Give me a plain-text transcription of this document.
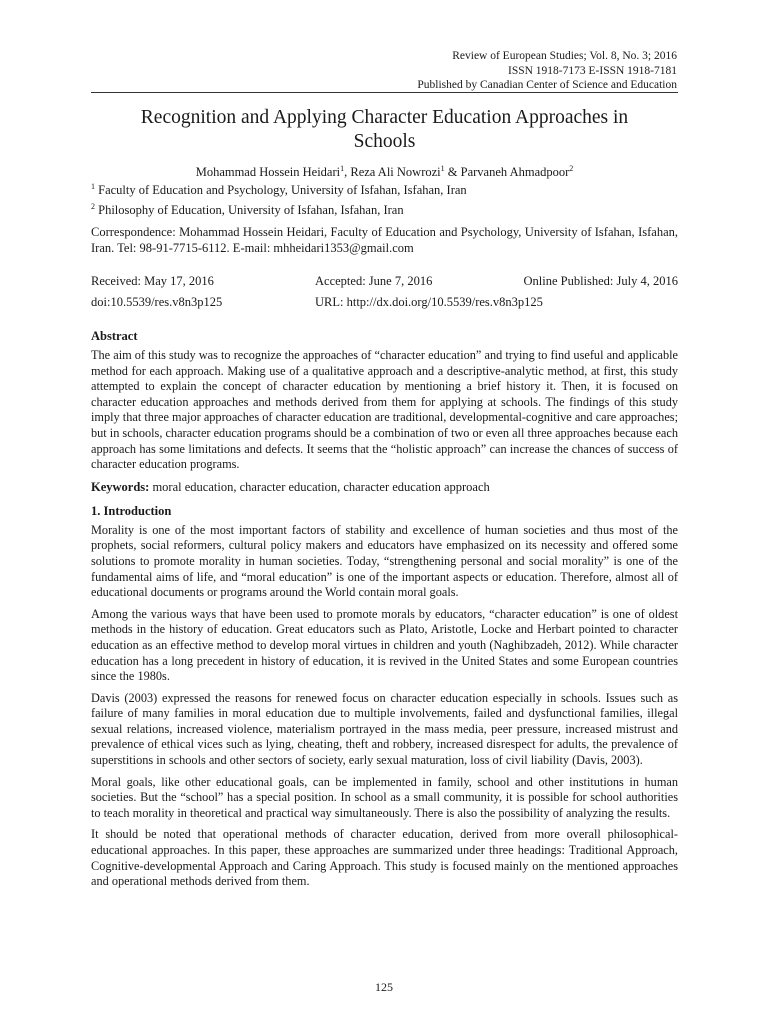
Review of European Studies; Vol. 8, No. 3; 2016
ISSN 1918-7173 E-ISSN 1918-7181
Published by Canadian Center of Science and Education
Recognition and Applying Character Education Approaches in Schools
Mohammad Hossein Heidari$^1$, Reza Ali Nowrozi$^1$ & Parvaneh Ahmadpoor$^2$

$^1$ Faculty of Education and Psychology, University of Isfahan, Isfahan, Iran

$^2$ Philosophy of Education, University of Isfahan, Isfahan, Iran

Correspondence: Mohammad Hossein Heidari, Faculty of Education and Psychology, University of Isfahan, Isfahan, Iran. Tel: 98-91-7715-6112. E-mail: mhheidari1353@gmail.com
Received: May 17, 2016	Accepted: June 7, 2016	Online Published: July 4, 2016
doi:10.5539/res.v8n3p125	URL: http://dx.doi.org/10.5539/res.v8n3p125
Abstract

The aim of this study was to recognize the approaches of “character education” and trying to find useful and applicable method for each approach. Making use of a qualitative approach and a descriptive-analytic method, at first, this study attempted to explain the concept of character education by mentioning a brief history it. Then, it is focused on character education approaches and methods derived from them for applying at schools. The findings of this study imply that three major approaches of character education are traditional, developmental-cognitive and care approaches; but in schools, character education programs should be a combination of two or even all three approaches because each approach has some limitations and defects. It seems that the “holistic approach” can increase the chances of success of character education programs.

Keywords: moral education, character education, character education approach

1. Introduction

Morality is one of the most important factors of stability and excellence of human societies and thus most of the prophets, social reformers, cultural policy makers and educators have emphasized on its necessity and offered some solutions to promote morality in human societies. Today, “strengthening personal and social morality” is one of the fundamental aims of life, and “moral education” is one of the important aspects or education. Therefore, almost all of educational documents or programs around the World contain moral goals.

Among the various ways that have been used to promote morals by educators, “character education” is one of oldest methods in the history of education. Great educators such as Plato, Aristotle, Locke and Herbart pointed to character education as an effective method to develop moral virtues in children and youth (Naghibzadeh, 2012). While character education has a long precedent in history of education, it is revived in the United States and some European countries since the 1980s.

Davis (2003) expressed the reasons for renewed focus on character education especially in schools. Issues such as failure of many families in moral education due to multiple involvements, failed and dysfunctional families, illegal sexual relations, increased violence, materialism portrayed in the mass media, peer pressure, increased mistrust and prevalence of ethical vices such as lying, cheating, theft and robbery, increased disrespect for adults, the prevalence of superstitions in schools and other sectors of society, early sexual maturation, loss of civil liability (Davis, 2003).

Moral goals, like other educational goals, can be implemented in family, school and other institutions in human societies. But the “school” has a special position. In school as a small community, it is possible for school authorities to teach morality in theoretical and practical way simultaneously. There is also the possibility of analyzing the results.

It should be noted that operational methods of character education, derived from more overall philosophical-educational approaches. In this paper, these approaches are summarized under three headings: Traditional Approach, Cognitive-developmental Approach and Caring Approach. This study is focused mainly on the mentioned approaches and operational methods derived from them.

125
